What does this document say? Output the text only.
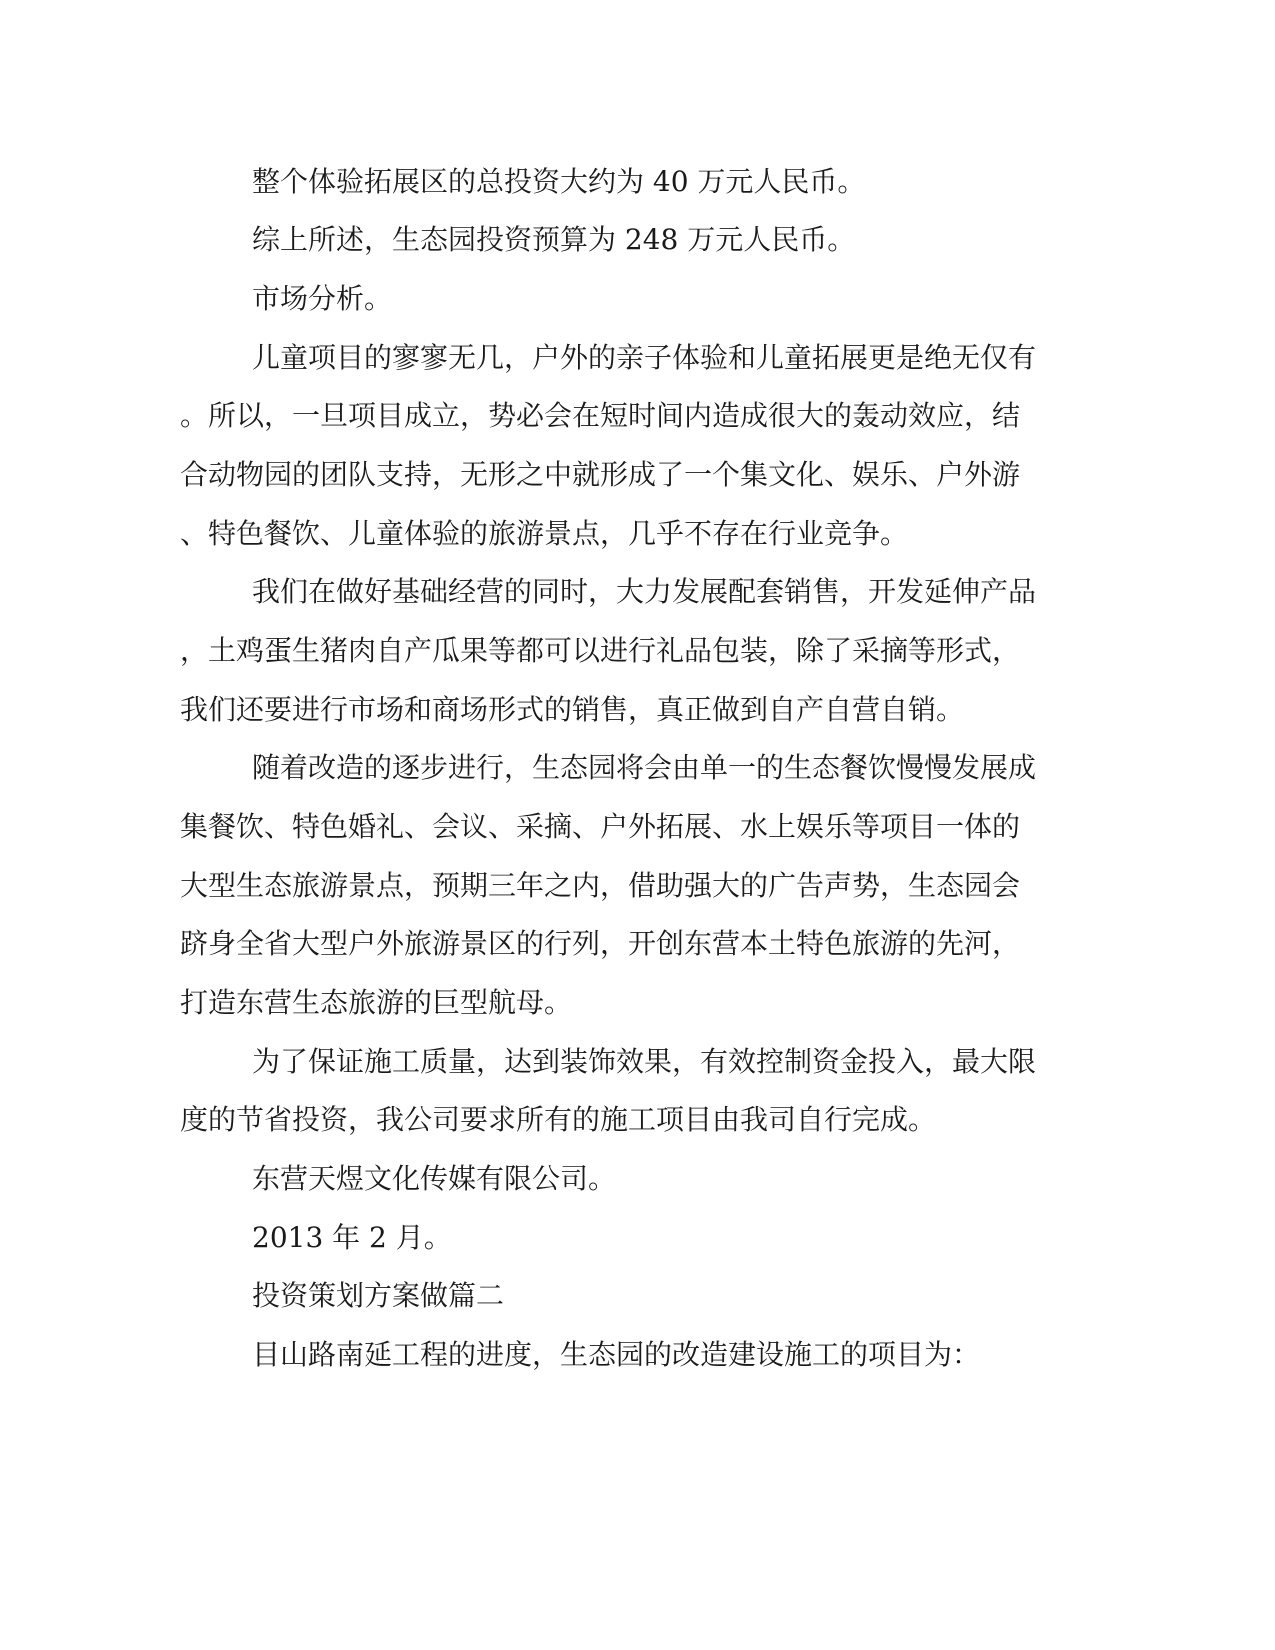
整个体验拓展区的总投资大约为 40 万元人民币。

综上所述，生态园投资预算为 248 万元人民币。

市场分析。

儿童项目的寥寥无几，户外的亲子体验和儿童拓展更是绝无仅有

。所以，一旦项目成立，势必会在短时间内造成很大的轰动效应，结

合动物园的团队支持，无形之中就形成了一个集文化、娱乐、户外游

、特色餐饮、儿童体验的旅游景点，几乎不存在行业竞争。

我们在做好基础经营的同时，大力发展配套销售，开发延伸产品

，土鸡蛋生猪肉自产瓜果等都可以进行礼品包装，除了采摘等形式，

我们还要进行市场和商场形式的销售，真正做到自产自营自销。

随着改造的逐步进行，生态园将会由单一的生态餐饮慢慢发展成

集餐饮、特色婚礼、会议、采摘、户外拓展、水上娱乐等项目一体的

大型生态旅游景点，预期三年之内，借助强大的广告声势，生态园会

跻身全省大型户外旅游景区的行列，开创东营本土特色旅游的先河，

打造东营生态旅游的巨型航母。

为了保证施工质量，达到装饰效果，有效控制资金投入，最大限

度的节省投资，我公司要求所有的施工项目由我司自行完成。

东营天煜文化传媒有限公司。

2013 年 2 月。

投资策划方案做篇二

目山路南延工程的进度，生态园的改造建设施工的项目为：
